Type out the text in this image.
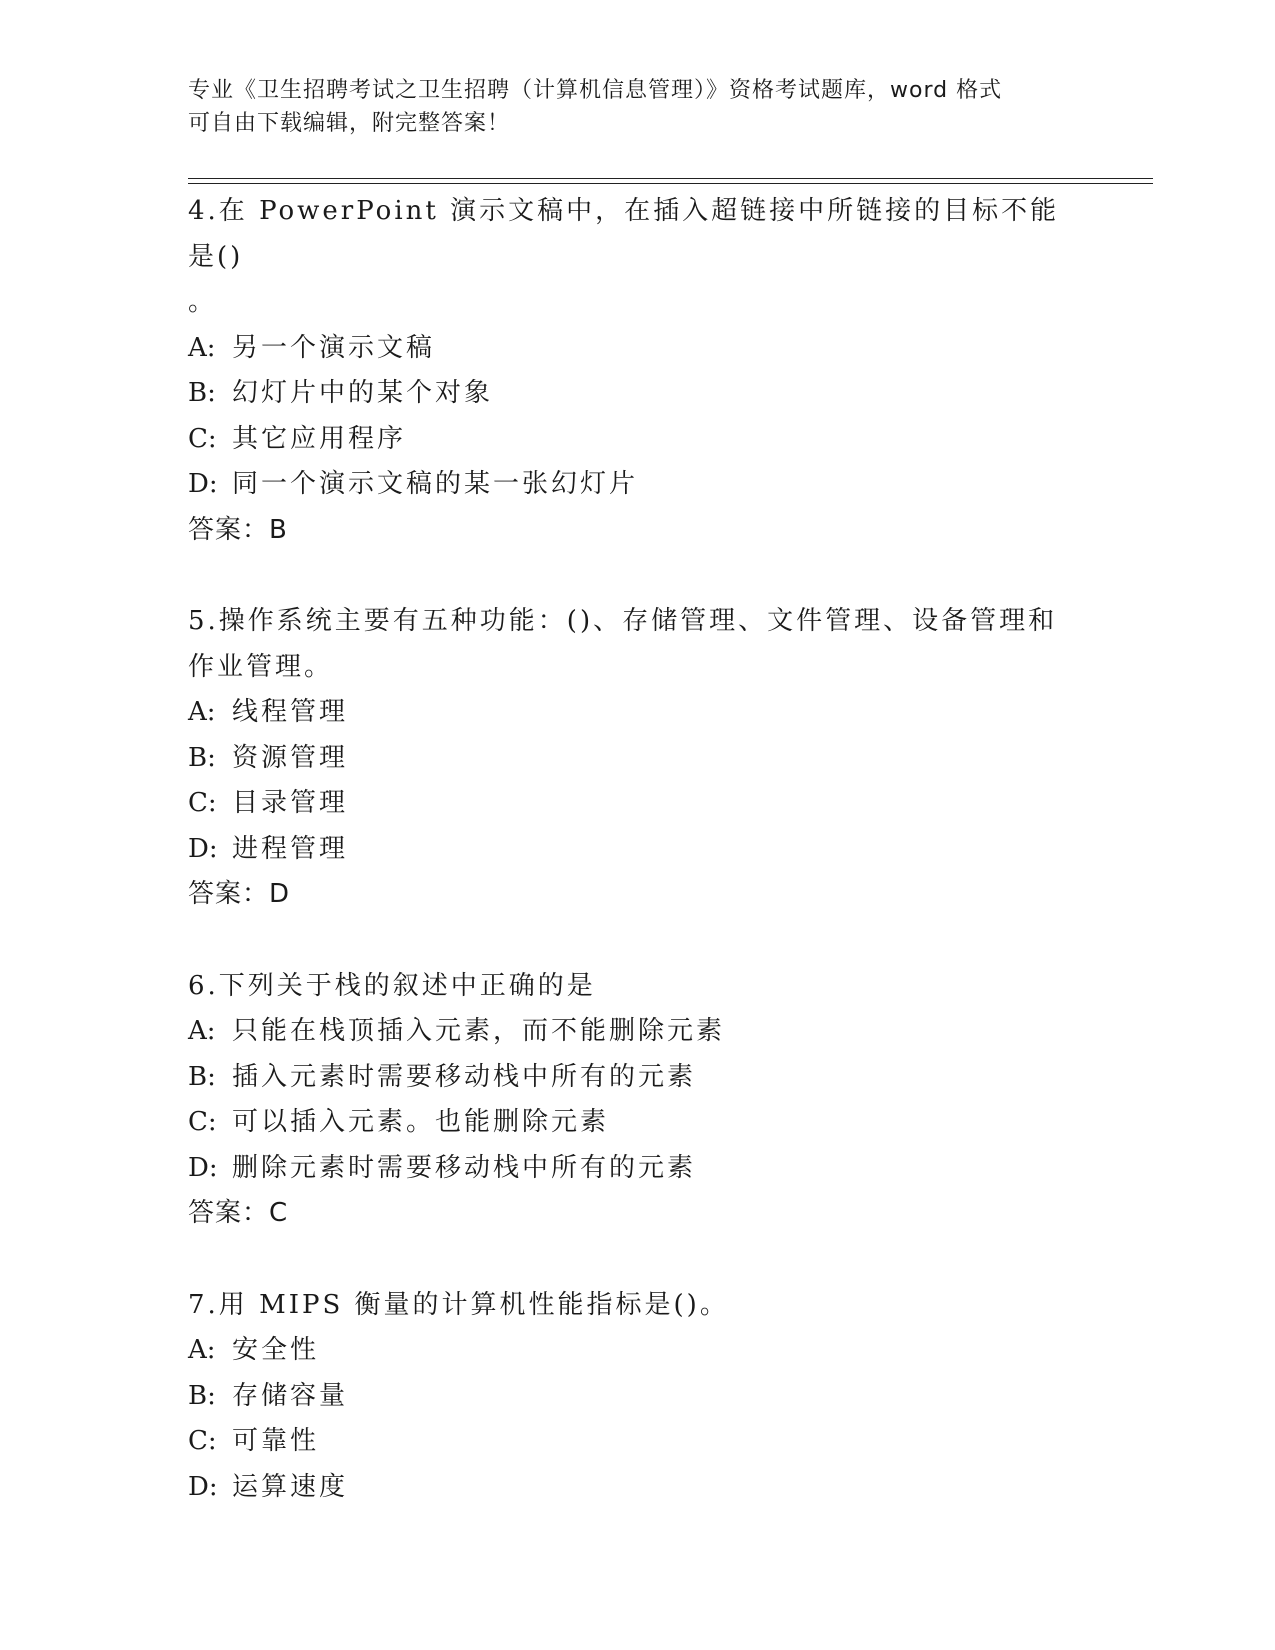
专业《卫生招聘考试之卫生招聘（计算机信息管理）》资格考试题库，word 格式
可自由下载编辑，附完整答案！
4.在 PowerPoint 演示文稿中，在插入超链接中所链接的目标不能是()
。
A: 另一个演示文稿
B: 幻灯片中的某个对象
C: 其它应用程序
D: 同一个演示文稿的某一张幻灯片
答案：B
5.操作系统主要有五种功能：()、存储管理、文件管理、设备管理和
作业管理。
A: 线程管理
B: 资源管理
C: 目录管理
D: 进程管理
答案：D
6.下列关于栈的叙述中正确的是
A: 只能在栈顶插入元素，而不能删除元素
B: 插入元素时需要移动栈中所有的元素
C: 可以插入元素。也能删除元素
D: 删除元素时需要移动栈中所有的元素
答案：C
7.用 MIPS 衡量的计算机性能指标是()。
A: 安全性
B: 存储容量
C: 可靠性
D: 运算速度
